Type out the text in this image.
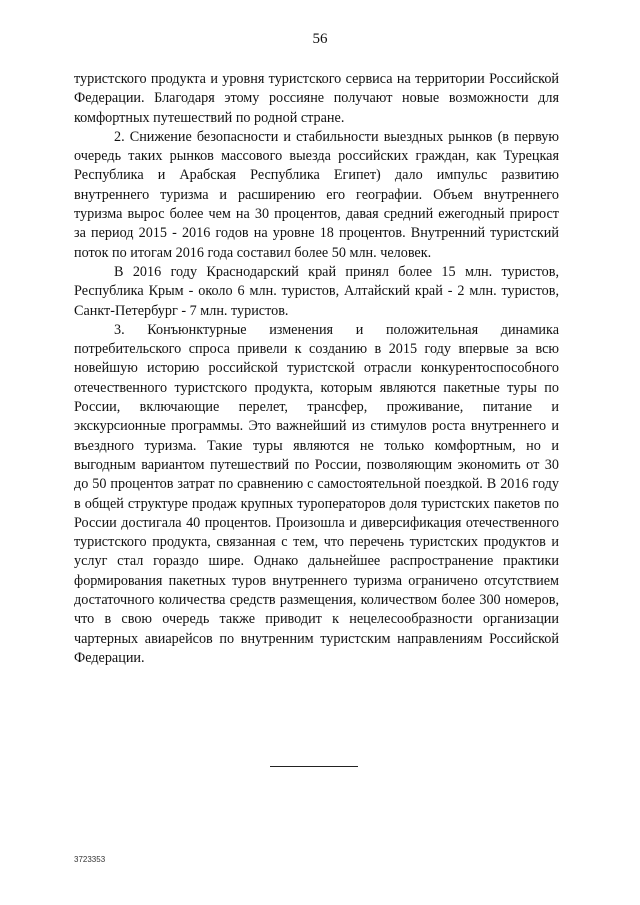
56

туристского продукта и уровня туристского сервиса на территории Российской Федерации. Благодаря этому россияне получают новые возможности для комфортных путешествий по родной стране.

2. Снижение безопасности и стабильности выездных рынков (в первую очередь таких рынков массового выезда российских граждан, как Турецкая Республика и Арабская Республика Египет) дало импульс развитию внутреннего туризма и расширению его географии. Объем внутреннего туризма вырос более чем на 30 процентов, давая средний ежегодный прирост за период 2015 - 2016 годов на уровне 18 процентов. Внутренний туристский поток по итогам 2016 года составил более 50 млн. человек.

В 2016 году Краснодарский край принял более 15 млн. туристов, Республика Крым - около 6 млн. туристов, Алтайский край - 2 млн. туристов, Санкт-Петербург - 7 млн. туристов.

3. Конъюнктурные изменения и положительная динамика потребительского спроса привели к созданию в 2015 году впервые за всю новейшую историю российской туристской отрасли конкурентоспособного отечественного туристского продукта, которым являются пакетные туры по России, включающие перелет, трансфер, проживание, питание и экскурсионные программы. Это важнейший из стимулов роста внутреннего и въездного туризма. Такие туры являются не только комфортным, но и выгодным вариантом путешествий по России, позволяющим экономить от 30 до 50 процентов затрат по сравнению с самостоятельной поездкой. В 2016 году в общей структуре продаж крупных туроператоров доля туристских пакетов по России достигала 40 процентов. Произошла и диверсификация отечественного туристского продукта, связанная с тем, что перечень туристских продуктов и услуг стал гораздо шире. Однако дальнейшее распространение практики формирования пакетных туров внутреннего туризма ограничено отсутствием достаточного количества средств размещения, количеством более 300 номеров, что в свою очередь также приводит к нецелесообразности организации чартерных авиарейсов по внутренним туристским направлениям Российской Федерации.

3723353
